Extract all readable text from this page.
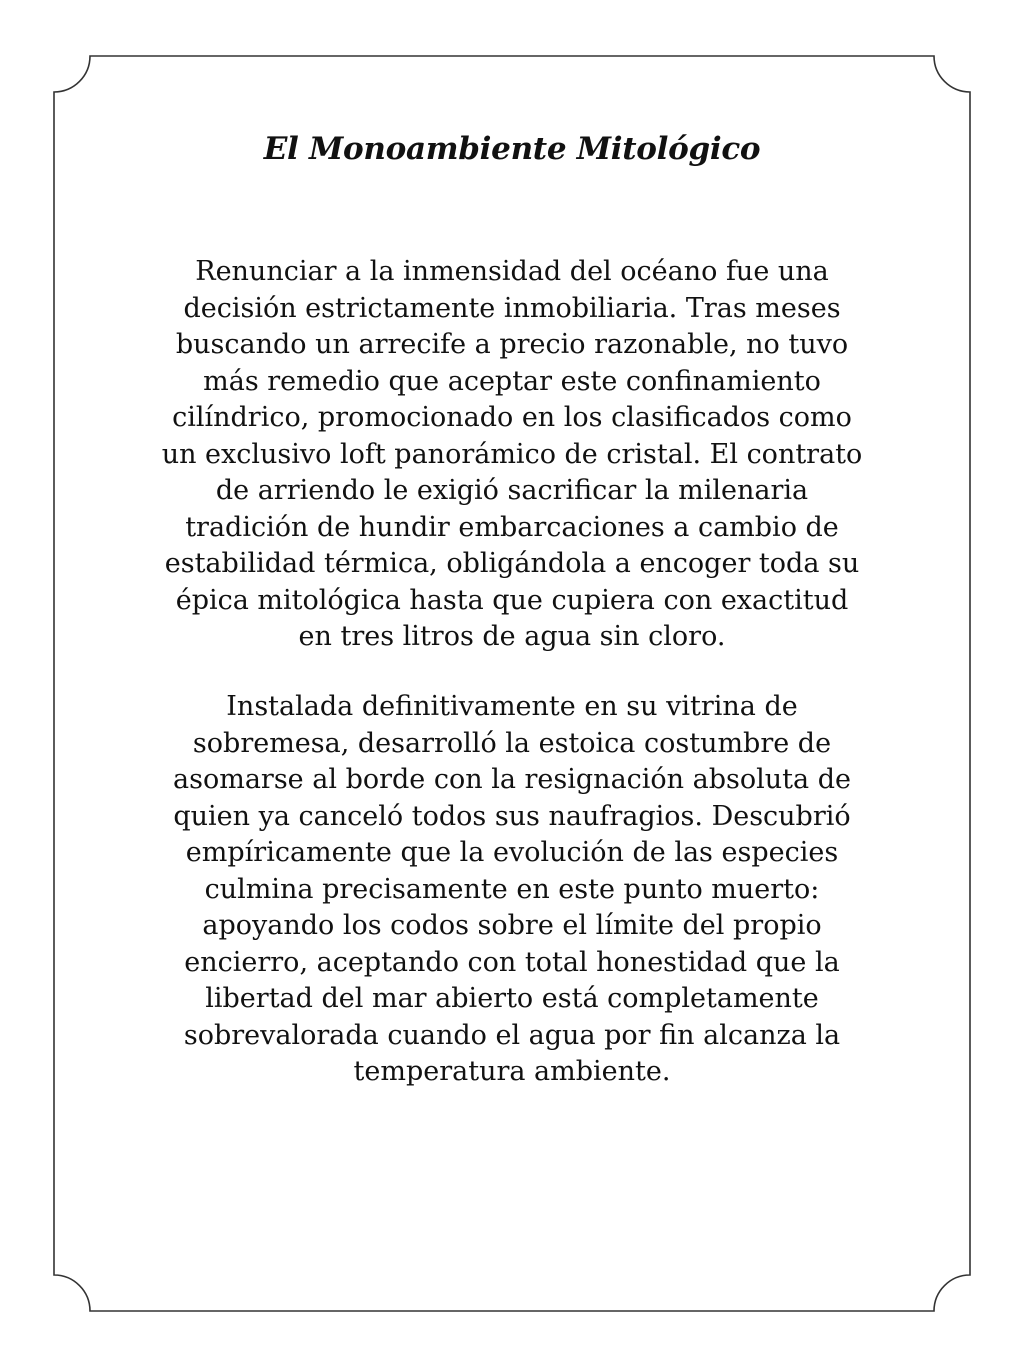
El Monoambiente Mitológico
Renunciar a la inmensidad del océano fue una
decisión estrictamente inmobiliaria. Tras meses
buscando un arrecife a precio razonable, no tuvo
más remedio que aceptar este confinamiento
cilíndrico, promocionado en los clasificados como
un exclusivo loft panorámico de cristal. El contrato
de arriendo le exigió sacrificar la milenaria
tradición de hundir embarcaciones a cambio de
estabilidad térmica, obligándola a encoger toda su
épica mitológica hasta que cupiera con exactitud
en tres litros de agua sin cloro.
Instalada definitivamente en su vitrina de
sobremesa, desarrolló la estoica costumbre de
asomarse al borde con la resignación absoluta de
quien ya canceló todos sus naufragios. Descubrió
empíricamente que la evolución de las especies
culmina precisamente en este punto muerto:
apoyando los codos sobre el límite del propio
encierro, aceptando con total honestidad que la
libertad del mar abierto está completamente
sobrevalorada cuando el agua por fin alcanza la
temperatura ambiente.
